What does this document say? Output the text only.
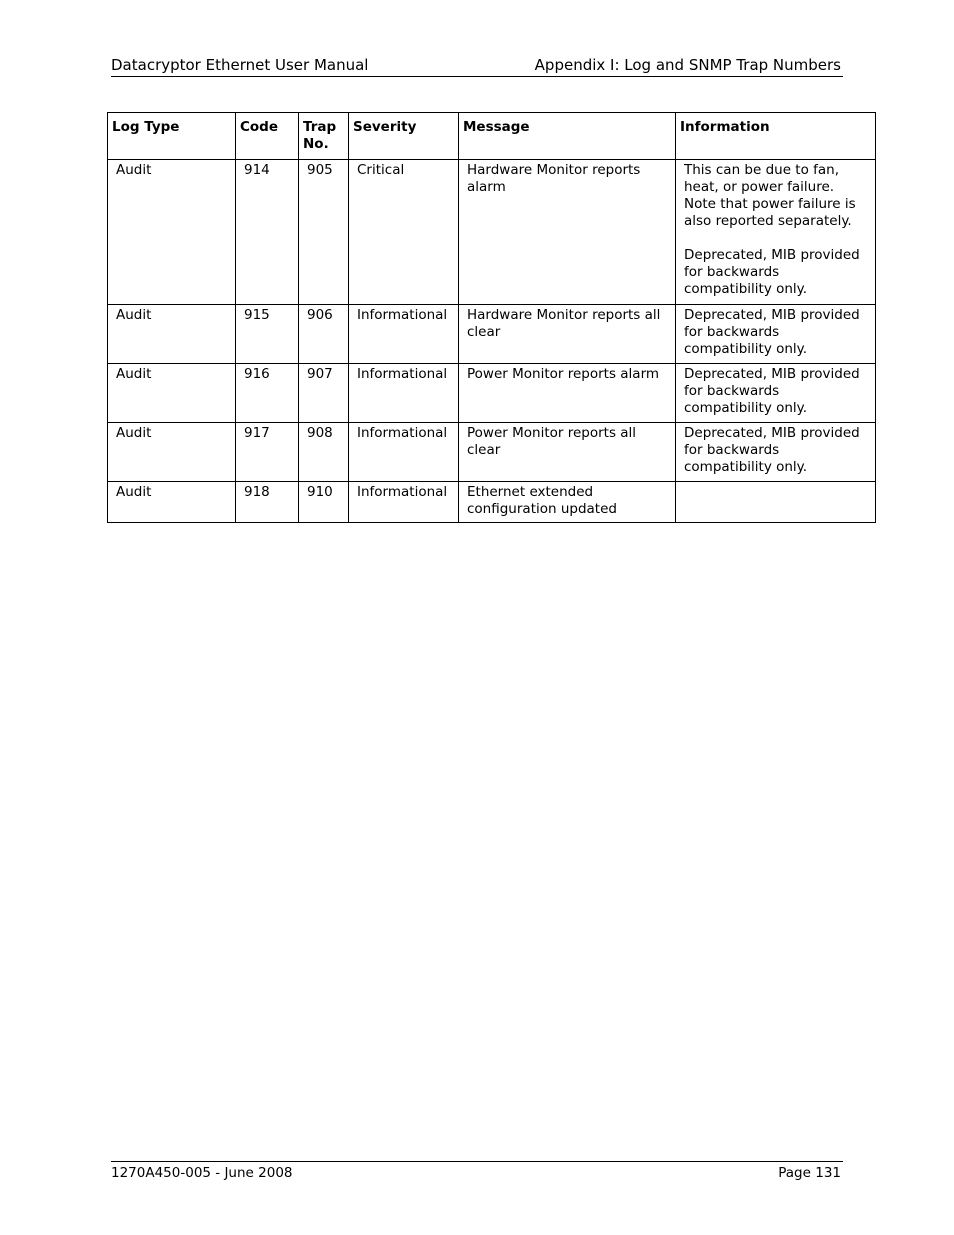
Datacryptor Ethernet User Manual	Appendix I: Log and SNMP Trap Numbers
Log Type	Code	Trap No.	Severity	Message	Information
Audit	914	905	Critical	Hardware Monitor reports alarm	This can be due to fan, heat, or power failure. Note that power failure is also reported separately.
Deprecated, MIB provided for backwards compatibility only.

Audit	915	906	Informational	Hardware Monitor reports all clear	Deprecated, MIB provided for backwards compatibility only.
Audit	916	907	Informational	Power Monitor reports alarm	Deprecated, MIB provided for backwards compatibility only.
Audit	917	908	Informational	Power Monitor reports all clear	Deprecated, MIB provided for backwards compatibility only.
Audit	918	910	Informational	Ethernet extended configuration updated	
1270A450-005 - June 2008	Page 131
